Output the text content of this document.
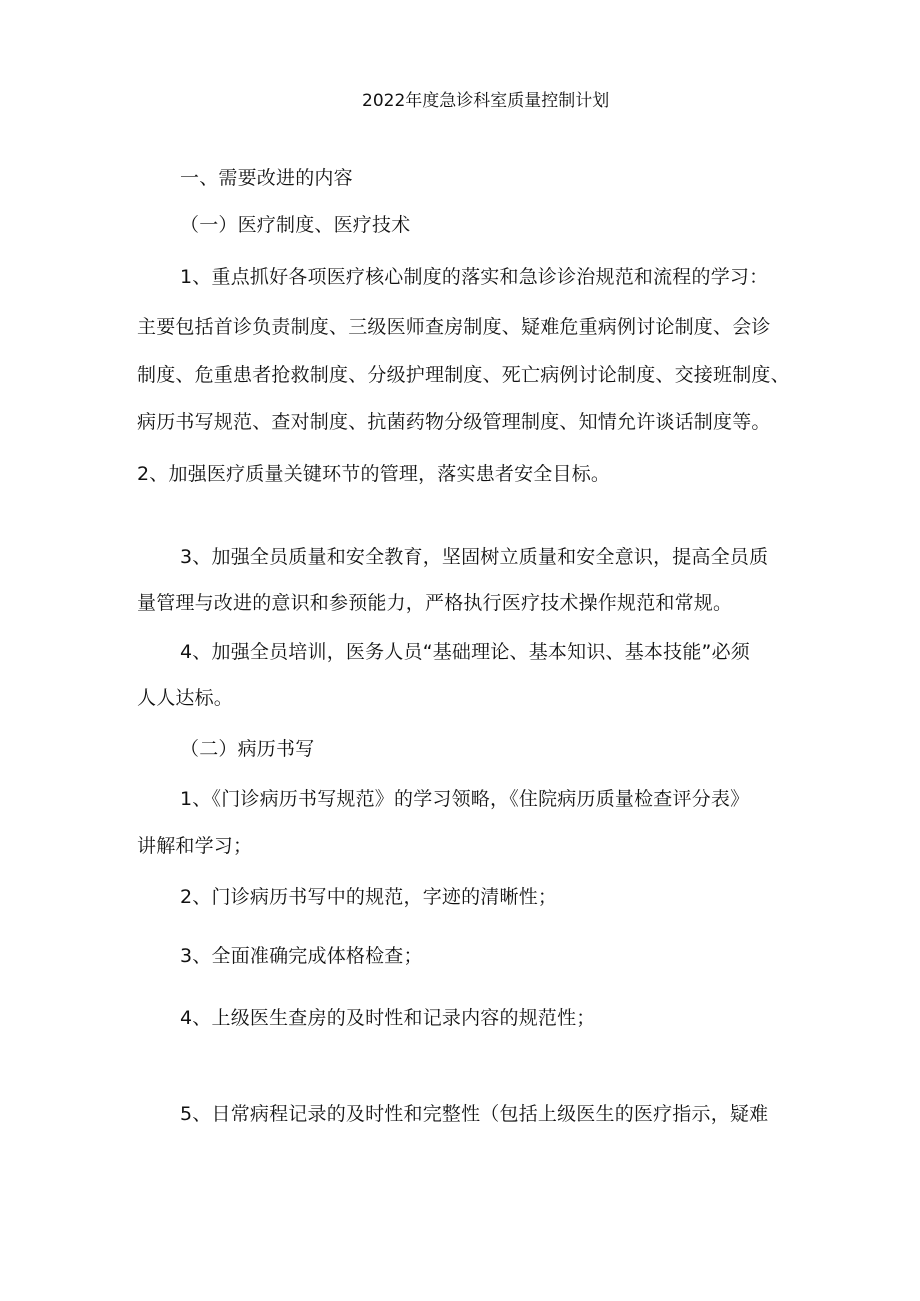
2022年度急诊科室质量控制计划
一、需要改进的内容
（一）医疗制度、医疗技术
1、重点抓好各项医疗核心制度的落实和急诊诊治规范和流程的学习：
主要包括首诊负责制度、三级医师查房制度、疑难危重病例讨论制度、会诊
制度、危重患者抢救制度、分级护理制度、死亡病例讨论制度、交接班制度、
病历书写规范、查对制度、抗菌药物分级管理制度、知情允许谈话制度等。
2、加强医疗质量关键环节的管理，落实患者安全目标。
3、加强全员质量和安全教育，坚固树立质量和安全意识，提高全员质
量管理与改进的意识和参预能力，严格执行医疗技术操作规范和常规。
4、加强全员培训，医务人员“基础理论、基本知识、基本技能”必须
人人达标。
（二）病历书写
1、《门诊病历书写规范》的学习领略，《住院病历质量检查评分表》
讲解和学习；
2、门诊病历书写中的规范，字迹的清晰性；
3、全面准确完成体格检查；
4、上级医生查房的及时性和记录内容的规范性；
5、日常病程记录的及时性和完整性（包括上级医生的医疗指示，疑难
